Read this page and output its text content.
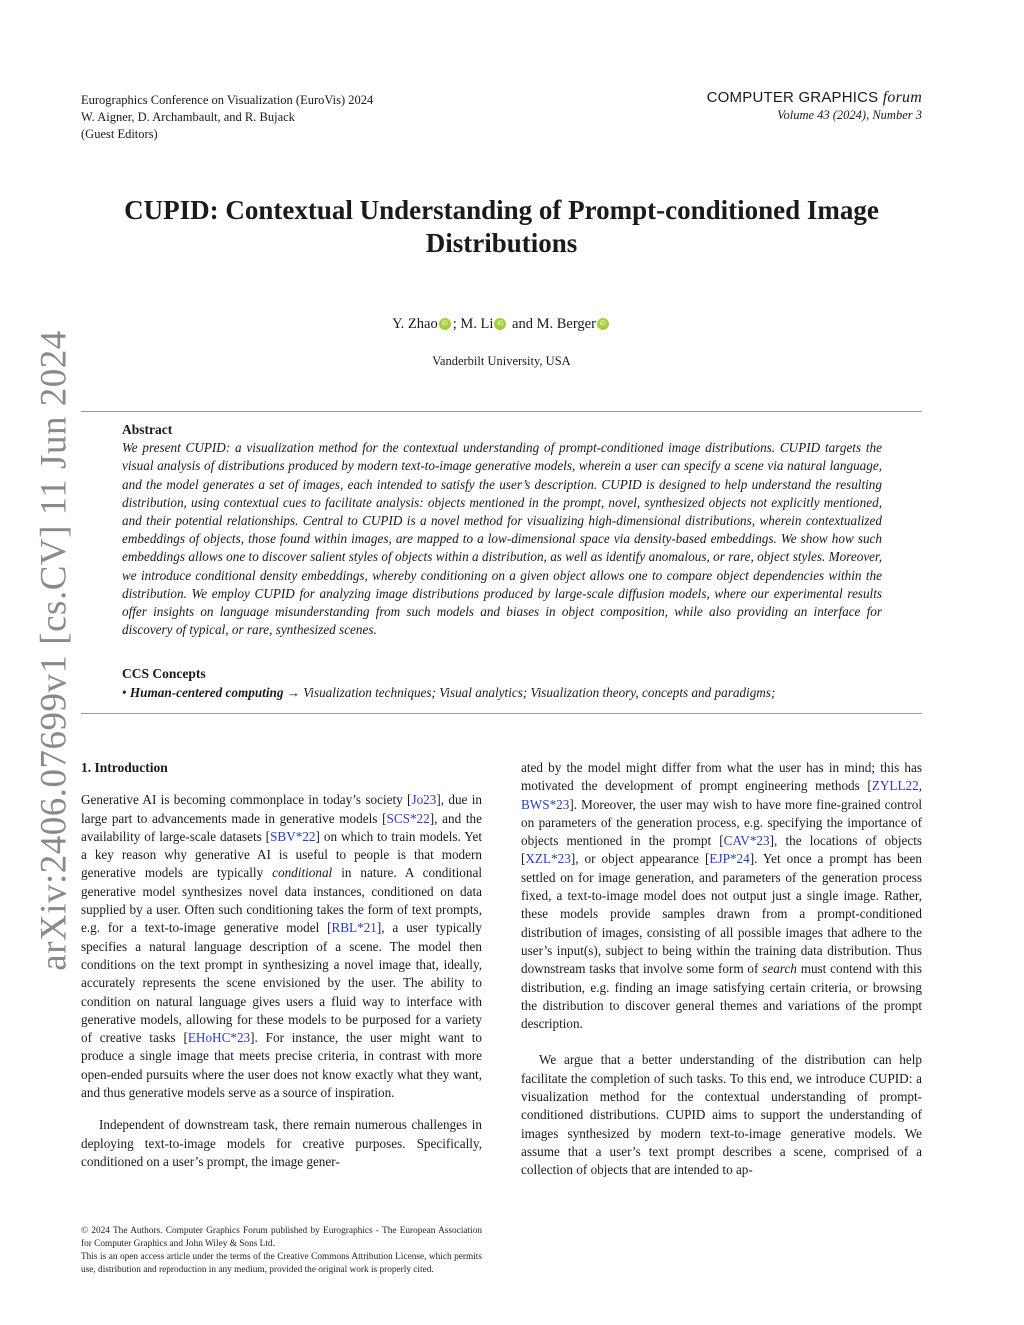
arXiv:2406.07699v1 [cs.CV] 11 Jun 2024
Eurographics Conference on Visualization (EuroVis) 2024
W. Aigner, D. Archambault, and R. Bujack
(Guest Editors)
COMPUTER GRAPHICS forum
Volume 43 (2024), Number 3
CUPID: Contextual Understanding of Prompt-conditioned Image Distributions
Y. Zhao iD ; M. Li iD and M. Berger iD
Vanderbilt University, USA
Abstract

We present CUPID: a visualization method for the contextual understanding of prompt-conditioned image distributions. CUPID targets the visual analysis of distributions produced by modern text-to-image generative models, wherein a user can specify a scene via natural language, and the model generates a set of images, each intended to satisfy the user’s description. CUPID is designed to help understand the resulting distribution, using contextual cues to facilitate analysis: objects mentioned in the prompt, novel, synthesized objects not explicitly mentioned, and their potential relationships. Central to CUPID is a novel method for visualizing high-dimensional distributions, wherein contextualized embeddings of objects, those found within images, are mapped to a low-dimensional space via density-based embeddings. We show how such embeddings allows one to discover salient styles of objects within a distribution, as well as identify anomalous, or rare, object styles. Moreover, we introduce conditional density embeddings, whereby conditioning on a given object allows one to compare object dependencies within the distribution. We employ CUPID for analyzing image distributions produced by large-scale diffusion models, where our experimental results offer insights on language misunderstanding from such models and biases in object composition, while also providing an interface for discovery of typical, or rare, synthesized scenes.

CCS Concepts

• Human-centered computing → Visualization techniques; Visual analytics; Visualization theory, concepts and paradigms;

1. Introduction

Generative AI is becoming commonplace in today’s society [Jo23], due in large part to advancements made in generative models [SCS*22], and the availability of large-scale datasets [SBV*22] on which to train models. Yet a key reason why generative AI is useful to people is that modern generative models are typically conditional in nature. A conditional generative model synthesizes novel data instances, conditioned on data supplied by a user. Often such conditioning takes the form of text prompts, e.g. for a text-to-image generative model [RBL*21], a user typically specifies a natural language description of a scene. The model then conditions on the text prompt in synthesizing a novel image that, ideally, accurately represents the scene envisioned by the user. The ability to condition on natural language gives users a fluid way to interface with generative models, allowing for these models to be purposed for a variety of creative tasks [EHoHC*23]. For instance, the user might want to produce a single image that meets precise criteria, in contrast with more open-ended pursuits where the user does not know exactly what they want, and thus generative models serve as a source of inspiration.

Independent of downstream task, there remain numerous challenges in deploying text-to-image models for creative purposes. Specifically, conditioned on a user’s prompt, the image gener-

ated by the model might differ from what the user has in mind; this has motivated the development of prompt engineering methods [ZYLL22, BWS*23]. Moreover, the user may wish to have more fine-grained control on parameters of the generation process, e.g. specifying the importance of objects mentioned in the prompt [CAV*23], the locations of objects [XZL*23], or object appearance [EJP*24]. Yet once a prompt has been settled on for image generation, and parameters of the generation process fixed, a text-to-image model does not output just a single image. Rather, these models provide samples drawn from a prompt-conditioned distribution of images, consisting of all possible images that adhere to the user’s input(s), subject to being within the training data distribution. Thus downstream tasks that involve some form of search must contend with this distribution, e.g. finding an image satisfying certain criteria, or browsing the distribution to discover general themes and variations of the prompt description.

We argue that a better understanding of the distribution can help facilitate the completion of such tasks. To this end, we introduce CUPID: a visualization method for the contextual understanding of prompt-conditioned distributions. CUPID aims to support the understanding of images synthesized by modern text-to-image generative models. We assume that a user’s text prompt describes a scene, comprised of a collection of objects that are intended to ap-

© 2024 The Authors. Computer Graphics Forum published by Eurographics - The European Association for Computer Graphics and John Wiley & Sons Ltd.

This is an open access article under the terms of the Creative Commons Attribution License, which permits use, distribution and reproduction in any medium, provided the original work is properly cited.
